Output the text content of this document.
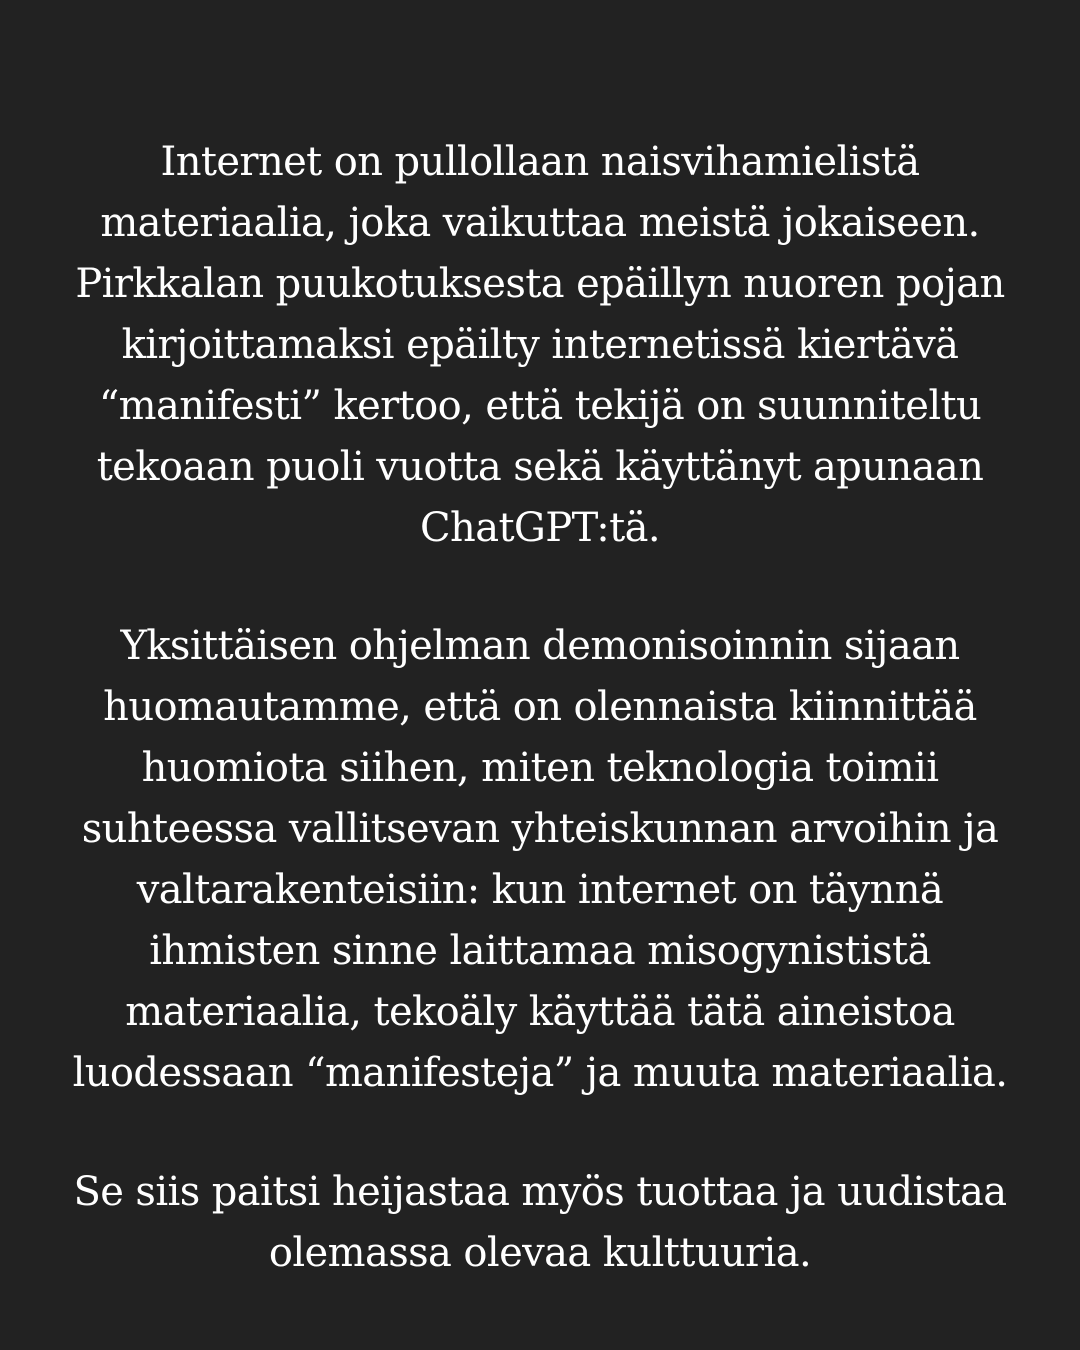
Internet on pullollaan naisvihamielistä
materiaalia, joka vaikuttaa meistä jokaiseen.
Pirkkalan puukotuksesta epäillyn nuoren pojan
kirjoittamaksi epäilty internetissä kiertävä
“manifesti” kertoo, että tekijä on suunniteltu
tekoaan puoli vuotta sekä käyttänyt apunaan
ChatGPT:tä.
Yksittäisen ohjelman demonisoinnin sijaan
huomautamme, että on olennaista kiinnittää
huomiota siihen, miten teknologia toimii
suhteessa vallitsevan yhteiskunnan arvoihin ja
valtarakenteisiin: kun internet on täynnä
ihmisten sinne laittamaa misogynististä
materiaalia, tekoäly käyttää tätä aineistoa
luodessaan “manifesteja” ja muuta materiaalia.
Se siis paitsi heijastaa myös tuottaa ja uudistaa
olemassa olevaa kulttuuria.
